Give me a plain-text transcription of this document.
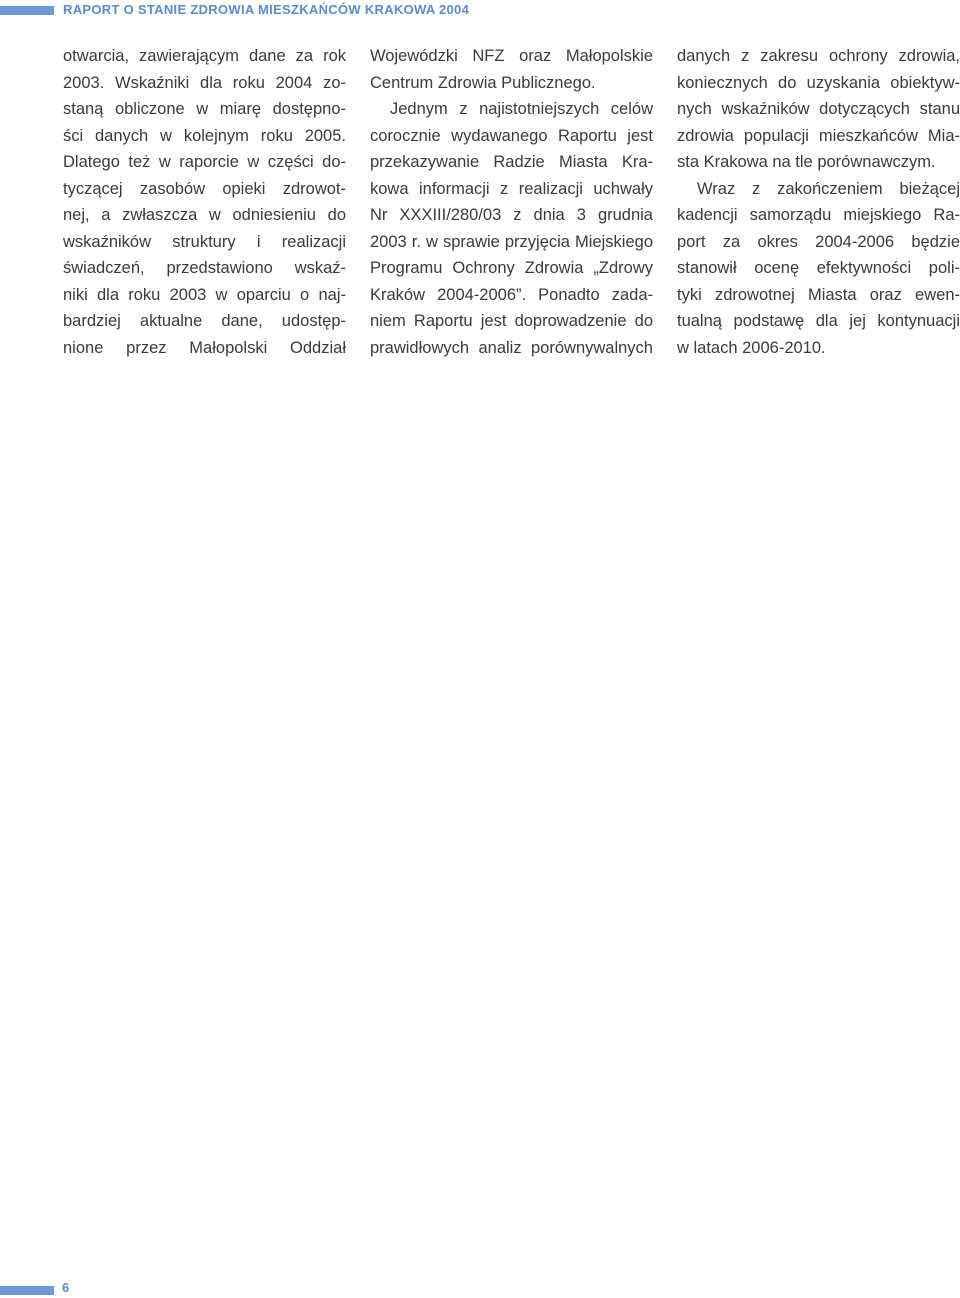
RAPORT O STANIE ZDROWIA MIESZKAŃCÓW KRAKOWA 2004
otwarcia, zawierającym dane za rok
2003. Wskaźniki dla roku 2004 zo-
staną obliczone w miarę dostępno-
ści danych w kolejnym roku 2005.
Dlatego też w raporcie w części do-
tyczącej zasobów opieki zdrowot-
nej, a zwłaszcza w odniesieniu do
wskaźników struktury i realizacji
świadczeń, przedstawiono wskaź-
niki dla roku 2003 w oparciu o naj-
bardziej aktualne dane, udostęp-
nione przez Małopolski Oddział
Wojewódzki NFZ oraz Małopolskie
Centrum Zdrowia Publicznego.
Jednym z najistotniejszych celów
corocznie wydawanego Raportu jest
przekazywanie Radzie Miasta Kra-
kowa informacji z realizacji uchwały
Nr XXXIII/280/03 z dnia 3 grudnia
2003 r. w sprawie przyjęcia Miejskiego
Programu Ochrony Zdrowia „Zdrowy
Kraków 2004-2006”. Ponadto zada-
niem Raportu jest doprowadzenie do
prawidłowych analiz porównywalnych
danych z zakresu ochrony zdrowia,
koniecznych do uzyskania obiektyw-
nych wskaźników dotyczących stanu
zdrowia populacji mieszkańców Mia-
sta Krakowa na tle porównawczym.
Wraz z zakończeniem bieżącej
kadencji samorządu miejskiego Ra-
port za okres 2004-2006 będzie
stanowił ocenę efektywności poli-
tyki zdrowotnej Miasta oraz ewen-
tualną podstawę dla jej kontynuacji
w latach 2006-2010.
6
